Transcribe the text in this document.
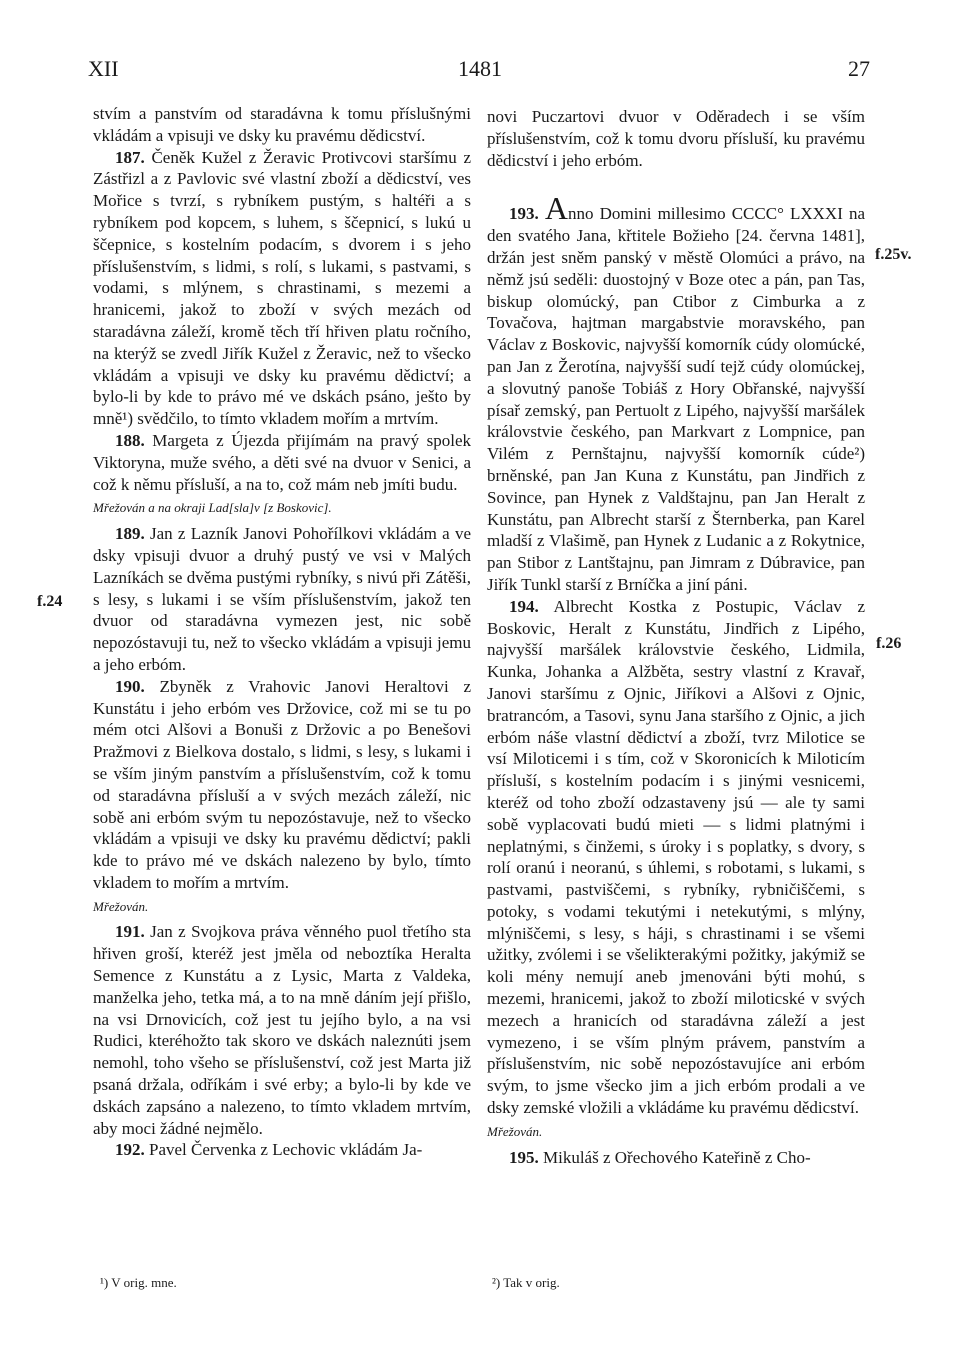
XII	1481	27
f.24
f.25v.
f.26

stvím a panstvím od staradávna k tomu příslušnými vkládám a vpisuji ve dsky ku pravému dědicství.

187. Čeněk Kužel z Žeravic Protivcovi staršímu z Zástřizl a z Pavlovic své vlastní zboží a dědicství, ves Mořice s tvrzí, s rybníkem pustým, s haltéři a s rybníkem pod kopcem, s luhem, s ščepnicí, s lukú u ščepnice, s kostelním podacím, s dvorem i s jeho příslušenstvím, s lidmi, s rolí, s lukami, s pastvami, s vodami, s mlýnem, s chrastinami, s mezemi a hranicemi, jakož to zboží v svých mezách od staradávna záleží, kromě těch tří hřiven platu ročního, na kterýž se zvedl Jiřík Kužel z Žeravic, než to všecko vkládám a vpisuji ve dsky ku pravému dědictví; a bylo-li by kde to právo mé ve dskách psáno, ješto by mně¹) svědčilo, to tímto vkladem mořím a mrtvím.

188. Margeta z Újezda přijímám na pravý spolek Viktoryna, muže svého, a děti své na dvuor v Senici, a což k němu přísluší, a na to, což mám neb jmíti budu.

Mřežován a na okraji Lad[sla]v [z Boskovic].

189. Jan z Lazník Janovi Pohořílkovi vkládám a ve dsky vpisuji dvuor a druhý pustý ve vsi v Malých Lazníkách se dvěma pustými rybníky, s nivú při Zátěši, s lesy, s lukami i se vším příslušenstvím, jakož ten dvuor od staradávna vymezen jest, nic sobě nepozóstavuji tu, než to všecko vkládám a vpisuji jemu a jeho erbóm.

190. Zbyněk z Vrahovic Janovi Heraltovi z Kunstátu i jeho erbóm ves Držovice, což mi se tu po mém otci Alšovi a Bonuši z Držovic a po Benešovi Pražmovi z Bielkova dostalo, s lidmi, s lesy, s lukami i se vším jiným panstvím a příslušenstvím, což k tomu od staradávna přísluší a v svých mezách záleží, nic sobě ani erbóm svým tu nepozóstavuje, než to všecko vkládám a vpisuji ve dsky ku pravému dědictví; pakli kde to právo mé ve dskách nalezeno by bylo, tímto vkladem to mořím a mrtvím.

Mřežován.

191. Jan z Svojkova práva věnného puol třetího sta hřiven groší, kteréž jest jměla od neboztíka Heralta Semence z Kunstátu a z Lysic, Marta z Valdeka, manželka jeho, tetka má, a to na mně dáním její přišlo, na vsi Drnovicích, což jest tu jejího bylo, a na vsi Rudici, kteréhožto tak skoro ve dskách naleznúti jsem nemohl, toho všeho se příslušenství, což jest Marta již psaná držala, odříkám i své erby; a bylo-li by kde ve dskách zapsáno a nalezeno, to tímto vkladem mrtvím, aby moci žádné nejmělo.

192. Pavel Červenka z Lechovic vkládám Ja-

novi Puczartovi dvuor v Oděradech i se vším příslušenstvím, což k tomu dvoru přísluší, ku pravému dědicství i jeho erbóm.

193. Anno Domini millesimo CCCC° LXXXI na den svatého Jana, křtitele Božieho [24. června 1481], držán jest sněm panský v městě Olomúci a právo, na němž jsú seděli: duostojný v Boze otec a pán, pan Tas, biskup olomúcký, pan Ctibor z Cimburka a z Tovačova, hajtman margabstvie moravského, pan Václav z Boskovic, najvyšší komorník cúdy olomúcké, pan Jan z Žerotína, najvyšší sudí tejž cúdy olomúckej, a slovutný panoše Tobiáš z Hory Obřanské, najvyšší písař zemský, pan Pertuolt z Lipého, najvyšší maršálek královstvie českého, pan Markvart z Lompnice, pan Vilém z Pernštajnu, najvyšší komorník cúde²) brněnské, pan Jan Kuna z Kunstátu, pan Jindřich z Sovince, pan Hynek z Valdštajnu, pan Jan Heralt z Kunstátu, pan Albrecht starší z Šternberka, pan Karel mladší z Vlašimě, pan Hynek z Ludanic a z Rokytnice, pan Stibor z Lantštajnu, pan Jimram z Dúbravice, pan Jiřík Tunkl starší z Brníčka a jiní páni.

194. Albrecht Kostka z Postupic, Václav z Boskovic, Heralt z Kunstátu, Jindřich z Lipého, najvyšší maršálek královstvie českého, Lidmila, Kunka, Johanka a Alžběta, sestry vlastní z Kravař, Janovi staršímu z Ojnic, Jiříkovi a Alšovi z Ojnic, bratrancóm, a Tasovi, synu Jana staršího z Ojnic, a jich erbóm náše vlastní dědictví a zboží, tvrz Milotice se vsí Miloticemi i s tím, což v Skoronicích k Miloticím přísluší, s kostelním podacím i s jinými vesnicemi, kteréž od toho zboží odzastaveny jsú — ale ty sami sobě vyplacovati budú mieti — s lidmi platnými i neplatnými, s činžemi, s úroky i s poplatky, s dvory, s rolí oranú i neoranú, s úhlemi, s robotami, s lukami, s pastvami, pastviščemi, s rybníky, rybničiščemi, s potoky, s vodami tekutými i netekutými, s mlýny, mlýniščemi, s lesy, s háji, s chrastinami i se všemi užitky, zvólemi i se všelikterakými požitky, jakýmiž se koli mény nemují aneb jmenováni býti mohú, s mezemi, hranicemi, jakož to zboží miloticské v svých mezech a hranicích od staradávna záleží a jest vymezeno, i se vším plným právem, panstvím a příslušenstvím, nic sobě nepozóstavujíce ani erbóm svým, to jsme všecko jim a jich erbóm prodali a ve dsky zemské vložili a vkládáme ku pravému dědicství.

Mřežován.

195. Mikuláš z Ořechového Kateřině z Cho-

¹) V orig. mne.	²) Tak v orig.
